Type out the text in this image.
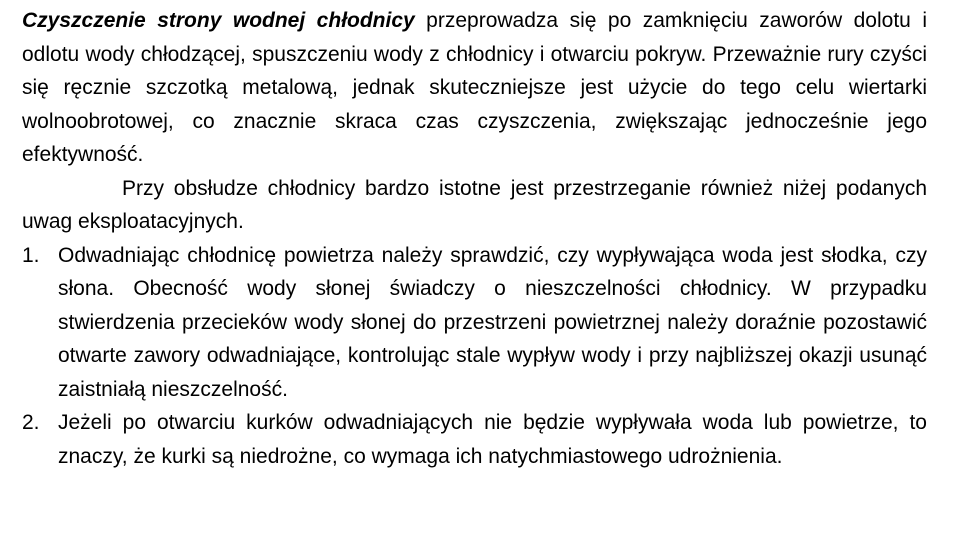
Czyszczenie strony wodnej chłodnicy przeprowadza się po zamknięciu zaworów dolotu i odlotu wody chłodzącej, spuszczeniu wody z chłodnicy i otwarciu pokryw. Przeważnie rury czyści się ręcznie szczotką metalową, jednak skuteczniejsze jest użycie do tego celu wiertarki wolnoobrotowej, co znacznie skraca czas czyszczenia, zwiększając jednocześnie jego efektywność.

Przy obsłudze chłodnicy bardzo istotne jest przestrzeganie również niżej podanych uwag eksploatacyjnych.

1. Odwadniając chłodnicę powietrza należy sprawdzić, czy wypływająca woda jest słodka, czy słona. Obecność wody słonej świadczy o nieszczelności chłodnicy. W przypadku stwierdzenia przecieków wody słonej do przestrzeni powietrznej należy doraźnie pozostawić otwarte zawory odwadniające, kontrolując stale wypływ wody i przy najbliższej okazji usunąć zaistniałą nieszczelność.
2. Jeżeli po otwarciu kurków odwadniających nie będzie wypływała woda lub powietrze, to znaczy, że kurki są niedrożne, co wymaga ich natychmiastowego udrożnienia.
